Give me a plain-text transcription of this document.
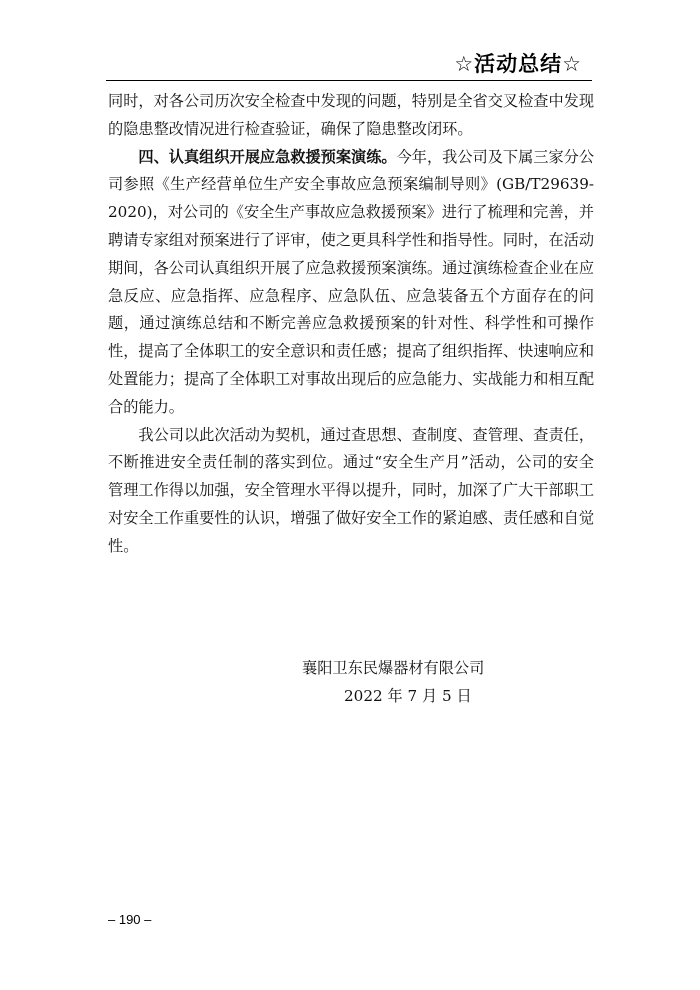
☆活动总结☆

同时，对各公司历次安全检查中发现的问题，特别是全省交叉检查中发现的隐患整改情况进行检查验证，确保了隐患整改闭环。

四、认真组织开展应急救援预案演练。今年，我公司及下属三家分公司参照《生产经营单位生产安全事故应急预案编制导则》(GB/T29639-2020)，对公司的《安全生产事故应急救援预案》进行了梳理和完善，并聘请专家组对预案进行了评审，使之更具科学性和指导性。同时，在活动期间，各公司认真组织开展了应急救援预案演练。通过演练检查企业在应急反应、应急指挥、应急程序、应急队伍、应急装备五个方面存在的问题，通过演练总结和不断完善应急救援预案的针对性、科学性和可操作性，提高了全体职工的安全意识和责任感；提高了组织指挥、快速响应和处置能力；提高了全体职工对事故出现后的应急能力、实战能力和相互配合的能力。

我公司以此次活动为契机，通过查思想、查制度、查管理、查责任，不断推进安全责任制的落实到位。通过“安全生产月”活动，公司的安全管理工作得以加强，安全管理水平得以提升，同时，加深了广大干部职工对安全工作重要性的认识，增强了做好安全工作的紧迫感、责任感和自觉性。

襄阳卫东民爆器材有限公司
2022 年 7 月 5 日
– 190 –
